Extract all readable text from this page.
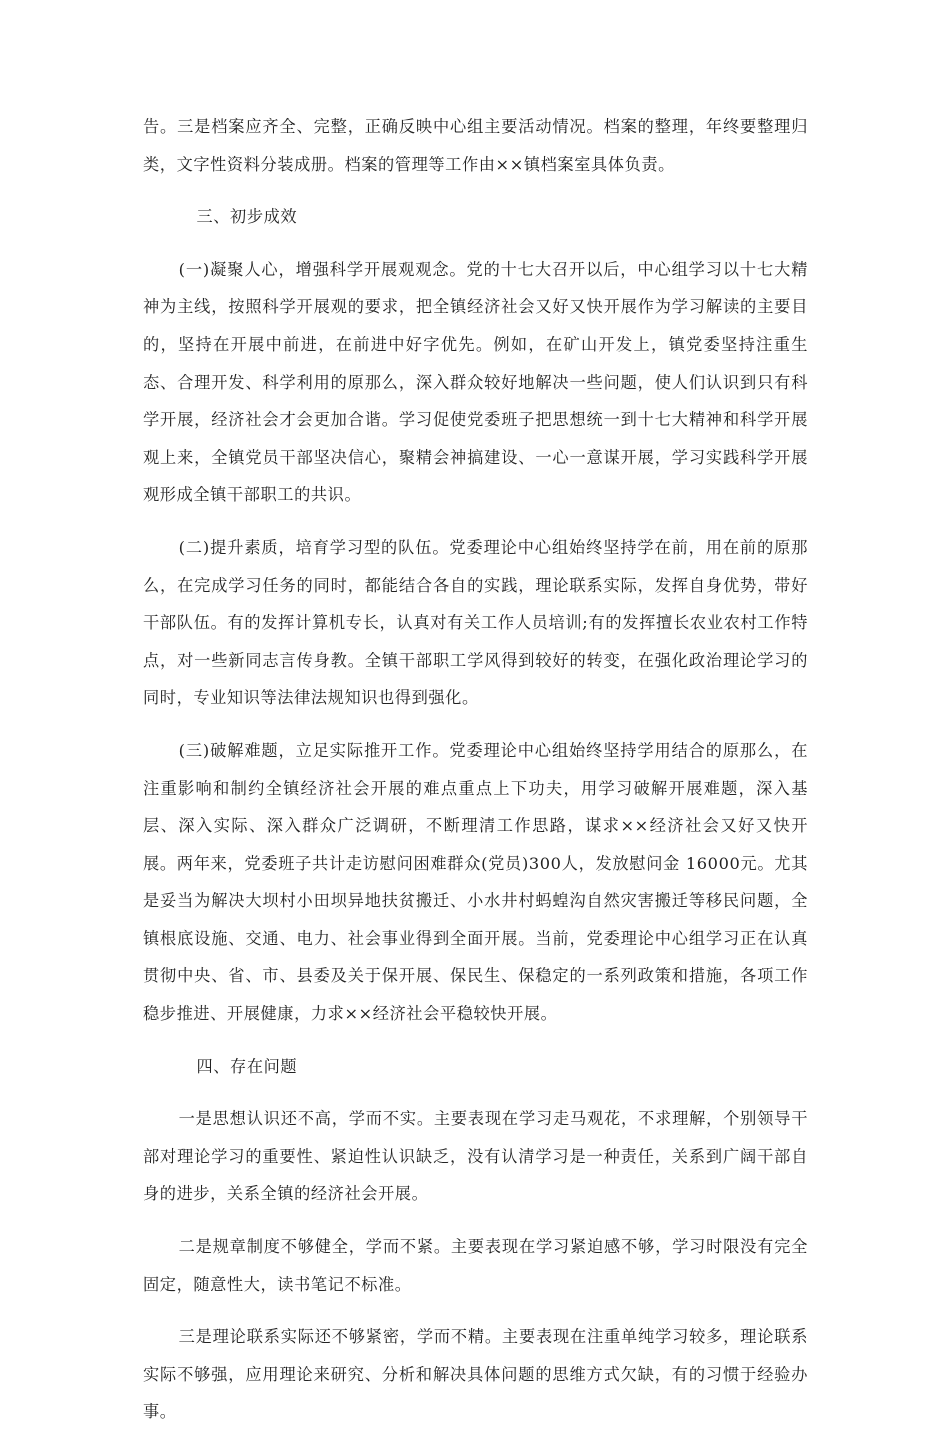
告。三是档案应齐全、完整，正确反映中心组主要活动情况。档案的整理，年终要整理归类，文字性资料分装成册。档案的管理等工作由××镇档案室具体负责。

三、初步成效

(一)凝聚人心，增强科学开展观观念。党的十七大召开以后，中心组学习以十七大精神为主线，按照科学开展观的要求，把全镇经济社会又好又快开展作为学习解读的主要目的，坚持在开展中前进，在前进中好字优先。例如，在矿山开发上，镇党委坚持注重生态、合理开发、科学利用的原那么，深入群众较好地解决一些问题，使人们认识到只有科学开展，经济社会才会更加合谐。学习促使党委班子把思想统一到十七大精神和科学开展观上来，全镇党员干部坚决信心，聚精会神搞建设、一心一意谋开展，学习实践科学开展观形成全镇干部职工的共识。

(二)提升素质，培育学习型的队伍。党委理论中心组始终坚持学在前，用在前的原那么，在完成学习任务的同时，都能结合各自的实践，理论联系实际，发挥自身优势，带好干部队伍。有的发挥计算机专长，认真对有关工作人员培训;有的发挥擅长农业农村工作特点，对一些新同志言传身教。全镇干部职工学风得到较好的转变，在强化政治理论学习的同时，专业知识等法律法规知识也得到强化。

(三)破解难题，立足实际推开工作。党委理论中心组始终坚持学用结合的原那么，在注重影响和制约全镇经济社会开展的难点重点上下功夫，用学习破解开展难题，深入基层、深入实际、深入群众广泛调研，不断理清工作思路，谋求××经济社会又好又快开展。两年来，党委班子共计走访慰问困难群众(党员)300人，发放慰问金 16000元。尤其是妥当为解决大坝村小田坝异地扶贫搬迁、小水井村蚂蝗沟自然灾害搬迁等移民问题，全镇根底设施、交通、电力、社会事业得到全面开展。当前，党委理论中心组学习正在认真贯彻中央、省、市、县委及关于保开展、保民生、保稳定的一系列政策和措施，各项工作稳步推进、开展健康，力求××经济社会平稳较快开展。

四、存在问题

一是思想认识还不高，学而不实。主要表现在学习走马观花，不求理解，个别领导干部对理论学习的重要性、紧迫性认识缺乏，没有认清学习是一种责任，关系到广阔干部自身的进步，关系全镇的经济社会开展。

二是规章制度不够健全，学而不紧。主要表现在学习紧迫感不够，学习时限没有完全固定，随意性大，读书笔记不标准。

三是理论联系实际还不够紧密，学而不精。主要表现在注重单纯学习较多，理论联系实际不够强，应用理论来研究、分析和解决具体问题的思维方式欠缺，有的习惯于经验办事。
